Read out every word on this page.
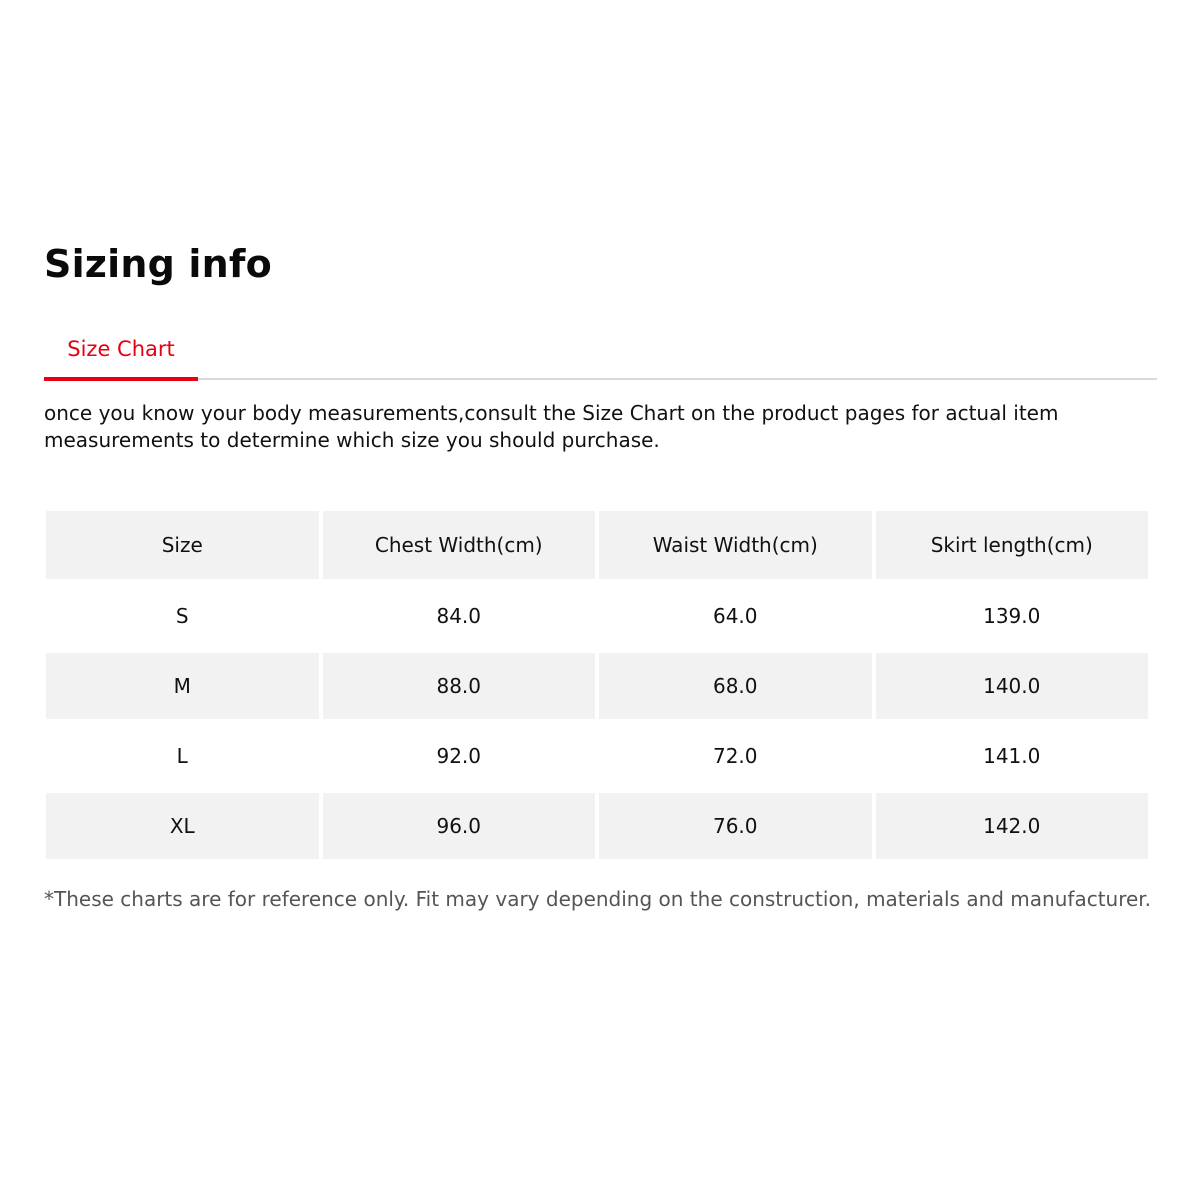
Sizing info
Size Chart

once you know your body measurements,consult the Size Chart on the product pages for actual item measurements to determine which size you should purchase.

Size	Chest Width(cm)	Waist Width(cm)	Skirt length(cm)
S	84.0	64.0	139.0
M	88.0	68.0	140.0
L	92.0	72.0	141.0
XL	96.0	76.0	142.0

*These charts are for reference only. Fit may vary depending on the construction, materials and manufacturer.
